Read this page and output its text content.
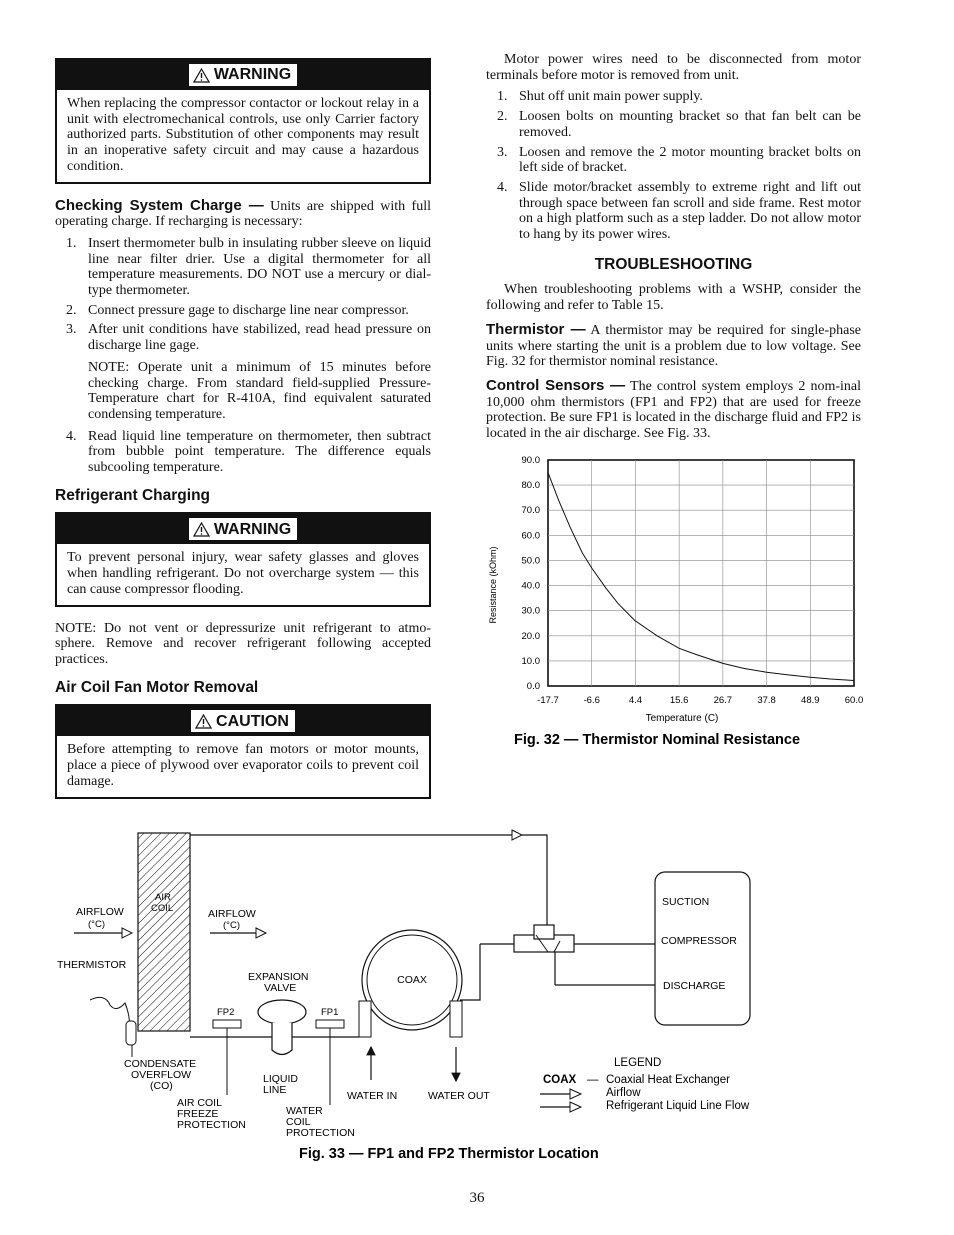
WARNING
When replacing the compressor contactor or lockout relay in a unit with electromechanical controls, use only Carrier factory authorized parts. Substitution of other components may result in an inoperative safety circuit and may cause a hazardous condition.

Checking System Charge — Units are shipped with full operating charge. If recharging is necessary:

1. Insert thermometer bulb in insulating rubber sleeve on liquid line near filter drier. Use a digital thermometer for all temperature measurements. DO NOT use a mercury or dial-type thermometer.
2. Connect pressure gage to discharge line near compressor.
3. After unit conditions have stabilized, read head pressure on discharge line gage.
NOTE: Operate unit a minimum of 15 minutes before checking charge. From standard field-supplied Pressure-Temperature chart for R-410A, find equivalent saturated condensing temperature.
4. Read liquid line temperature on thermometer, then subtract from bubble point temperature. The difference equals subcooling temperature.
Refrigerant Charging
WARNING
To prevent personal injury, wear safety glasses and gloves when handling refrigerant. Do not overcharge system — this can cause compressor flooding.

NOTE: Do not vent or depressurize unit refrigerant to atmo-sphere. Remove and recover refrigerant following accepted practices.

Air Coil Fan Motor Removal
CAUTION
Before attempting to remove fan motors or motor mounts, place a piece of plywood over evaporator coils to prevent coil damage.

Motor power wires need to be disconnected from motor terminals before motor is removed from unit.

1. Shut off unit main power supply.
2. Loosen bolts on mounting bracket so that fan belt can be removed.
3. Loosen and remove the 2 motor mounting bracket bolts on left side of bracket.
4. Slide motor/bracket assembly to extreme right and lift out through space between fan scroll and side frame. Rest motor on a high platform such as a step ladder. Do not allow motor to hang by its power wires.
TROUBLESHOOTING

When troubleshooting problems with a WSHP, consider the following and refer to Table 15.

Thermistor — A thermistor may be required for single-phase units where starting the unit is a problem due to low voltage. See Fig. 32 for thermistor nominal resistance.

Control Sensors — The control system employs 2 nom-inal 10,000 ohm thermistors (FP1 and FP2) that are used for freeze protection. Be sure FP1 is located in the discharge fluid and FP2 is located in the air discharge. See Fig. 33.

0.0
10.0
20.0
30.0
40.0
50.0
60.0
70.0
80.0
90.0
-17.7	-6.6	4.4	15.6	26.7	37.8	48.9	60.0
Resistance (kOhm)
Temperature (C)
Fig. 32 — Thermistor Nominal Resistance
SUCTION
COMPRESSOR
DISCHARGE
COAX
AIRFLOW
(°C)
AIR
COIL	AIRFLOW
(°C)
THERMISTOR
EXPANSION
VALVE
FP2	FP1
CONDENSATE
OVERFLOW
(CO)
LIQUID
LINE
AIR COIL
FREEZE
PROTECTION
WATER
COIL
PROTECTION
WATER IN	WATER OUT
LEGEND
COAX — Coaxial Heat Exchanger
Airflow
Refrigerant Liquid Line Flow
Fig. 33 — FP1 and FP2 Thermistor Location
36
